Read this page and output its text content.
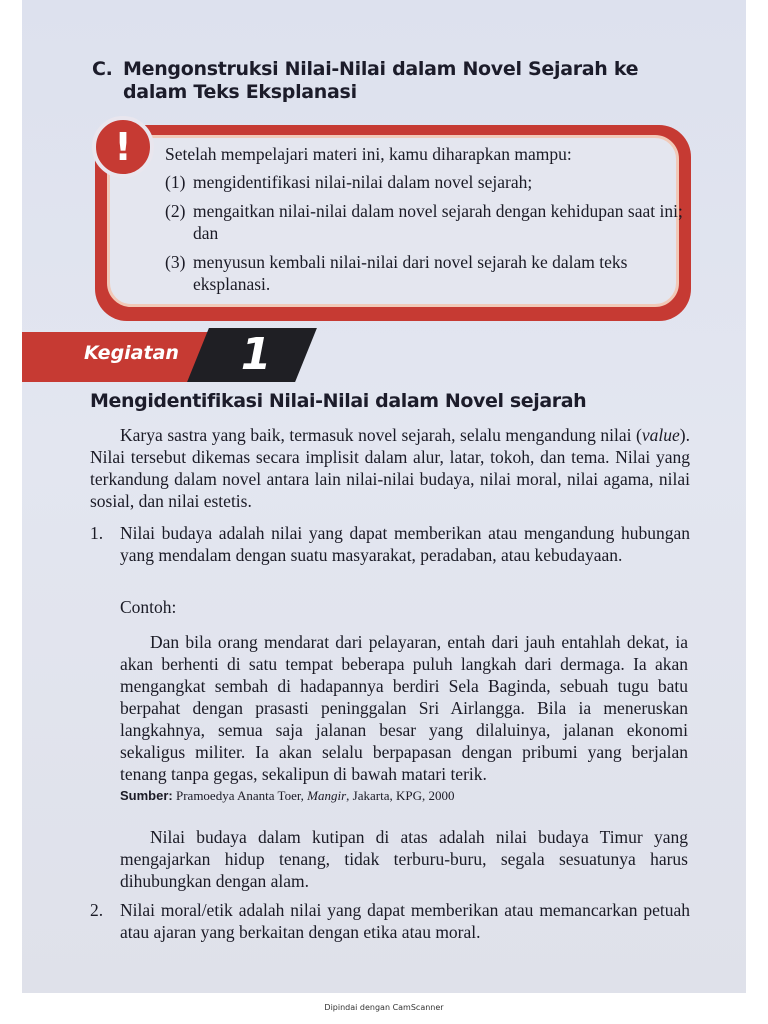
C. Mengonstruksi Nilai-Nilai dalam Novel Sejarah ke dalam Teks Eksplanasi
! Setelah mempelajari materi ini, kamu diharapkan mampu:
(1) mengidentifikasi nilai-nilai dalam novel sejarah;
(2) mengaitkan nilai-nilai dalam novel sejarah dengan kehidupan saat ini; dan
(3) menyusun kembali nilai-nilai dari novel sejarah ke dalam teks eksplanasi.
Kegiatan 1
Mengidentifikasi Nilai-Nilai dalam Novel sejarah
Karya sastra yang baik, termasuk novel sejarah, selalu mengandung nilai (value). Nilai tersebut dikemas secara implisit dalam alur, latar, tokoh, dan tema. Nilai yang terkandung dalam novel antara lain nilai-nilai budaya, nilai moral, nilai agama, nilai sosial, dan nilai estetis.
1. Nilai budaya adalah nilai yang dapat memberikan atau mengandung hubungan yang mendalam dengan suatu masyarakat, peradaban, atau kebudayaan.
Contoh:
Dan bila orang mendarat dari pelayaran, entah dari jauh entahlah dekat, ia akan berhenti di satu tempat beberapa puluh langkah dari dermaga. Ia akan mengangkat sembah di hadapannya berdiri Sela Baginda, sebuah tugu batu berpahat dengan prasasti peninggalan Sri Airlangga. Bila ia meneruskan langkahnya, semua saja jalanan besar yang dilaluinya, jalanan ekonomi sekaligus militer. Ia akan selalu berpapasan dengan pribumi yang berjalan tenang tanpa gegas, sekalipun di bawah matari terik.
Sumber: Pramoedya Ananta Toer, Mangir, Jakarta, KPG, 2000
Nilai budaya dalam kutipan di atas adalah nilai budaya Timur yang mengajarkan hidup tenang, tidak terburu-buru, segala sesuatunya harus dihubungkan dengan alam.
2. Nilai moral/etik adalah nilai yang dapat memberikan atau memancarkan petuah atau ajaran yang berkaitan dengan etika atau moral.
Dipindai dengan CamScanner
